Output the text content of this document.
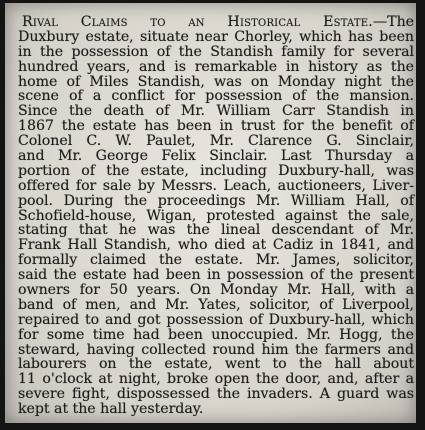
Rival Claims to an Historical Estate.—The
Duxbury estate, situate near Chorley, which has been
in the possession of the Standish family for several
hundred years, and is remarkable in history as the
home of Miles Standish, was on Monday night the
scene of a conflict for possession of the mansion.
Since the death of Mr. William Carr Standish in
1867 the estate has been in trust for the benefit of
Colonel C. W. Paulet, Mr. Clarence G. Sinclair,
and Mr. George Felix Sinclair. Last Thursday a
portion of the estate, including Duxbury-hall, was
offered for sale by Messrs. Leach, auctioneers, Liver-
pool. During the proceedings Mr. William Hall, of
Schofield-house, Wigan, protested against the sale,
stating that he was the lineal descendant of Mr.
Frank Hall Standish, who died at Cadiz in 1841, and
formally claimed the estate. Mr. James, solicitor,
said the estate had been in possession of the present
owners for 50 years. On Monday Mr. Hall, with a
band of men, and Mr. Yates, solicitor, of Liverpool,
repaired to and got possession of Duxbury-hall, which
for some time had been unoccupied. Mr. Hogg, the
steward, having collected round him the farmers and
labourers on the estate, went to the hall about
11 o'clock at night, broke open the door, and, after a
severe fight, dispossessed the invaders. A guard was
kept at the hall yesterday.
